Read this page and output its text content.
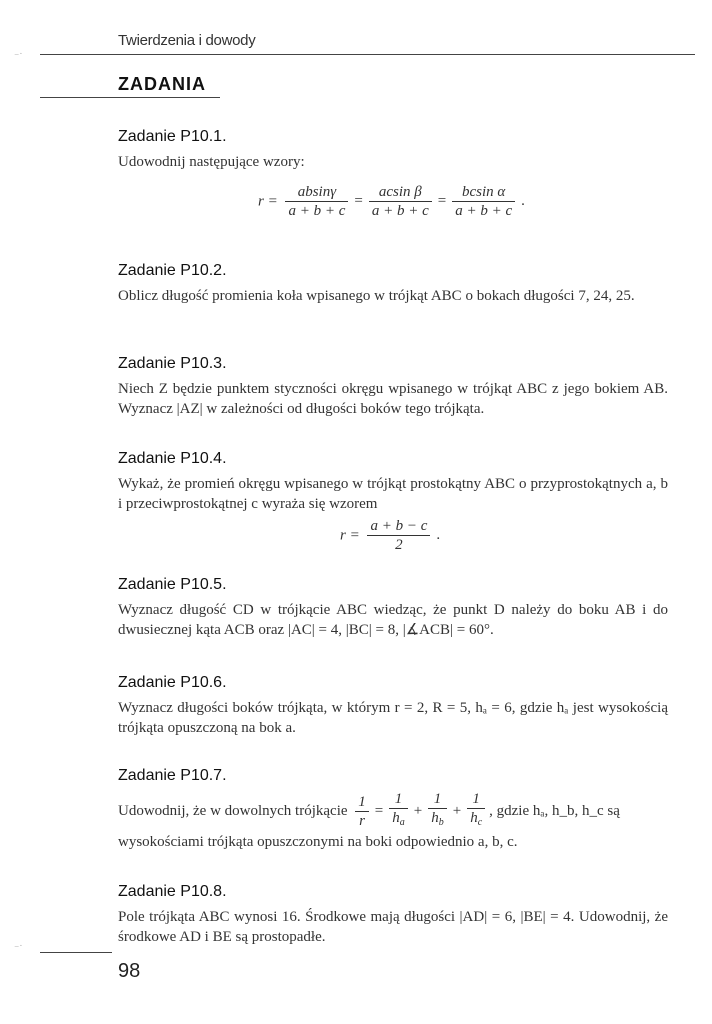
⁻˙
⁻˙
Twierdzenia i dowody
ZADANIA
Zadanie P10.1.
Udowodnij następujące wzory:
$r = \frac{absin\gamma}{a + b + c} = \frac{\text{acsin β}}{a + b + c} = \frac{\text{bcsin α}}{a + b + c}$ .
Zadanie P10.2.
Oblicz długość promienia koła wpisanego w trójkąt ABC o bokach długości 7, 24, 25.
Zadanie P10.3.
Niech Z będzie punktem styczności okręgu wpisanego w trójkąt ABC z jego bokiem AB. Wyznacz |AZ| w zależności od długości boków tego trójkąta.
Zadanie P10.4.
Wykaż, że promień okręgu wpisanego w trójkąt prostokątny ABC o przyprostokątnych a, b i przeciwprostokątnej c wyraża się wzorem
$r = \frac{a + b - c}{2}$ .
Zadanie P10.5.
Wyznacz długość CD w trójkącie ABC wiedząc, że punkt D należy do boku AB i do dwusiecznej kąta ACB oraz |AC| = 4, |BC| = 8, |∡ACB| = 60°.
Zadanie P10.6.
Wyznacz długości boków trójkąta, w którym r = 2, R = 5, hₐ = 6, gdzie hₐ jest wysokością trójkąta opuszczoną na bok a.
Zadanie P10.7.
Udowodnij, że w dowolnych trójkącie $\frac{1}{r} = \frac{1}{h_a} + \frac{1}{h_b} + \frac{1}{h_c}$ , gdzie hₐ, h_b, h_c są
wysokościami trójkąta opuszczonymi na boki odpowiednio a, b, c.
Zadanie P10.8.
Pole trójkąta ABC wynosi 16. Środkowe mają długości |AD| = 6, |BE| = 4. Udowodnij, że środkowe AD i BE są prostopadłe.
98
